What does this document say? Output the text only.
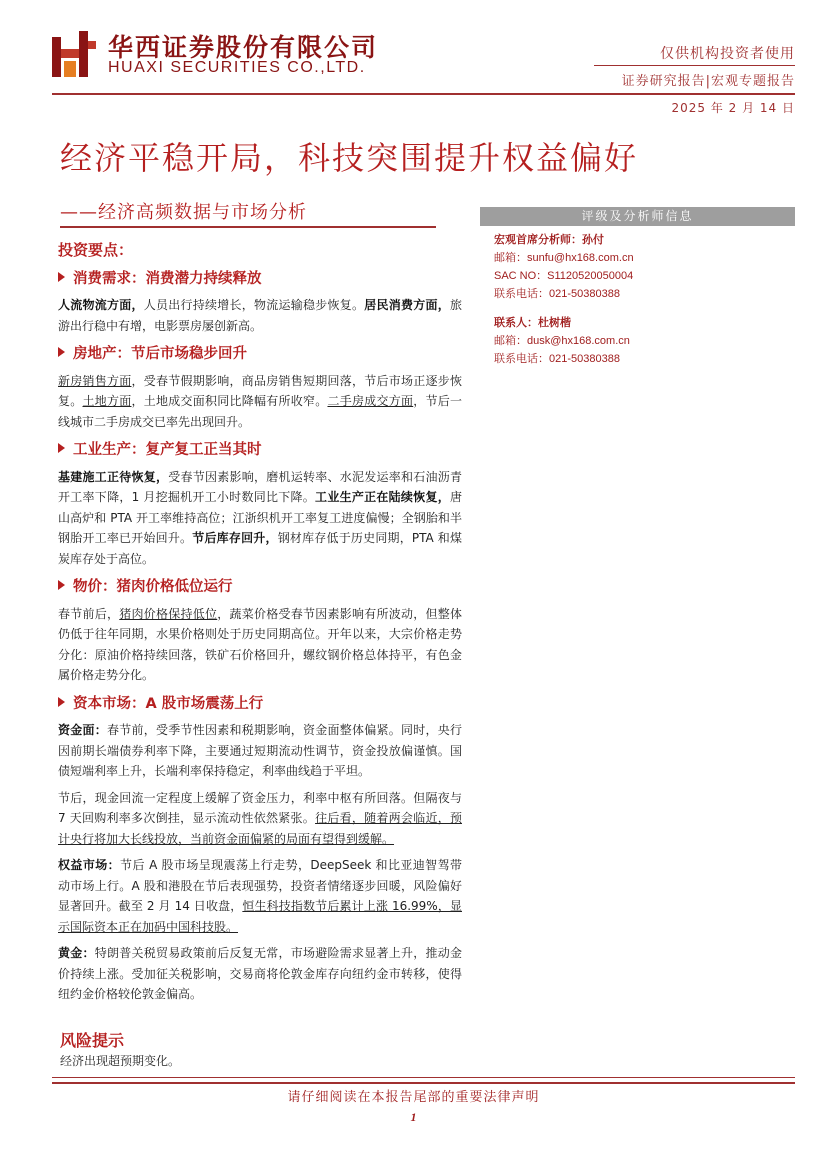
华西证券股份有限公司
HUAXI SECURITIES CO.,LTD.
仅供机构投资者使用
证券研究报告|宏观专题报告
2025 年 2 月 14 日
经济平稳开局，科技突围提升权益偏好
——经济高频数据与市场分析	评级及分析师信息
宏观首席分析师：孙付
邮箱：sunfu@hx168.com.cn
SAC NO：S1120520050004
联系电话：021-50380388
联系人：杜树楷
邮箱：dusk@hx168.com.cn
联系电话：021-50380388
投资要点：
消费需求：消费潜力持续释放
人流物流方面，人员出行持续增长，物流运输稳步恢复。居民消费方面，旅游出行稳中有增，电影票房屡创新高。
房地产：节后市场稳步回升
新房销售方面，受春节假期影响，商品房销售短期回落，节后市场正逐步恢复。土地方面，土地成交面积同比降幅有所收窄。二手房成交方面，节后一线城市二手房成交已率先出现回升。
工业生产：复产复工正当其时
基建施工正待恢复，受春节因素影响，磨机运转率、水泥发运率和石油沥青开工率下降，1 月挖掘机开工小时数同比下降。工业生产正在陆续恢复，唐山高炉和 PTA 开工率维持高位；江浙织机开工率复工进度偏慢；全钢胎和半钢胎开工率已开始回升。节后库存回升，钢材库存低于历史同期，PTA 和煤炭库存处于高位。
物价：猪肉价格低位运行
春节前后，猪肉价格保持低位，蔬菜价格受春节因素影响有所波动，但整体仍低于往年同期，水果价格则处于历史同期高位。开年以来，大宗价格走势分化：原油价格持续回落，铁矿石价格回升，螺纹钢价格总体持平，有色金属价格走势分化。
资本市场：A 股市场震荡上行
资金面：春节前，受季节性因素和税期影响，资金面整体偏紧。同时，央行因前期长端债券利率下降，主要通过短期流动性调节，资金投放偏谨慎。国债短端利率上升，长端利率保持稳定，利率曲线趋于平坦。
节后，现金回流一定程度上缓解了资金压力，利率中枢有所回落。但隔夜与 7 天回购利率多次倒挂，显示流动性依然紧张。往后看，随着两会临近，预计央行将加大长线投放，当前资金面偏紧的局面有望得到缓解。
权益市场：节后 A 股市场呈现震荡上行走势，DeepSeek 和比亚迪智驾带动市场上行。A 股和港股在节后表现强势，投资者情绪逐步回暖，风险偏好显著回升。截至 2 月 14 日收盘，恒生科技指数节后累计上涨 16.99%，显示国际资本正在加码中国科技股。
黄金：特朗普关税贸易政策前后反复无常，市场避险需求显著上升，推动金价持续上涨。受加征关税影响，交易商将伦敦金库存向纽约金市转移，使得纽约金价格较伦敦金偏高。
风险提示
经济出现超预期变化。
请仔细阅读在本报告尾部的重要法律声明
1
